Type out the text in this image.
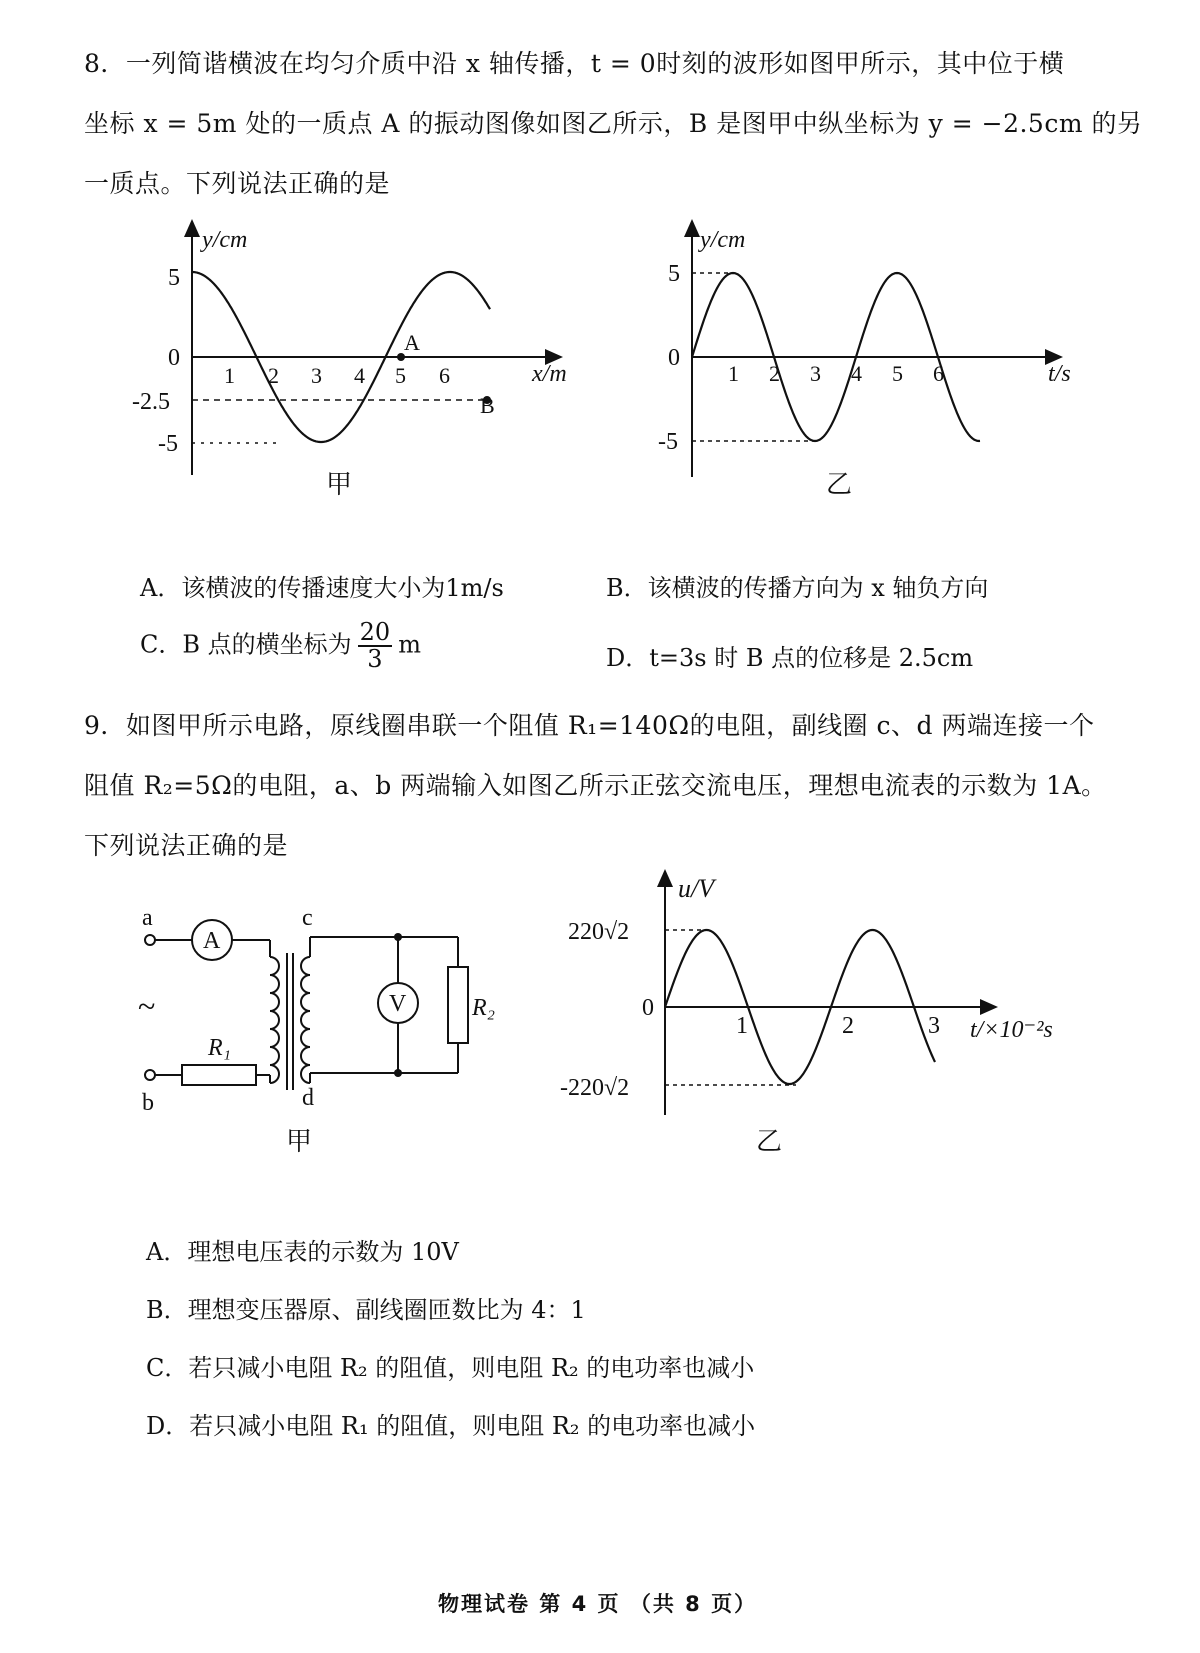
8．一列简谐横波在均匀介质中沿 x 轴传播，t = 0时刻的波形如图甲所示，其中位于横
坐标 x = 5m 处的一质点 A 的振动图像如图乙所示，B 是图甲中纵坐标为 y = −2.5cm 的另
一质点。下列说法正确的是
y/cm
x/m
5
0
-2.5
-5
1 2 3 4 5 6
A
B
甲
y/cm
t/s
5
0
-5
1 2 3 4 5 6
乙
A．该横波的传播速度大小为1m/s	B．该横波的传播方向为 x 轴负方向
C．B 点的横坐标为 $\frac{20}{3}$ m	D．t=3s 时 B 点的位移是 2.5cm
9．如图甲所示电路，原线圈串联一个阻值 R₁=140Ω的电阻，副线圈 c、d 两端连接一个
阻值 R₂=5Ω的电阻，a、b 两端输入如图乙所示正弦交流电压，理想电流表的示数为 1A。
下列说法正确的是
a
b
c
d
A
V
~
R₁
R₂
甲
u/V
t/×10⁻²s
220√2
0
-220√2
1	2	3
乙
A．理想电压表的示数为 10V
B．理想变压器原、副线圈匝数比为 4：1
C．若只减小电阻 R₂ 的阻值，则电阻 R₂ 的电功率也减小
D．若只减小电阻 R₁ 的阻值，则电阻 R₂ 的电功率也减小
物理试卷 第 4 页 （共 8 页）
